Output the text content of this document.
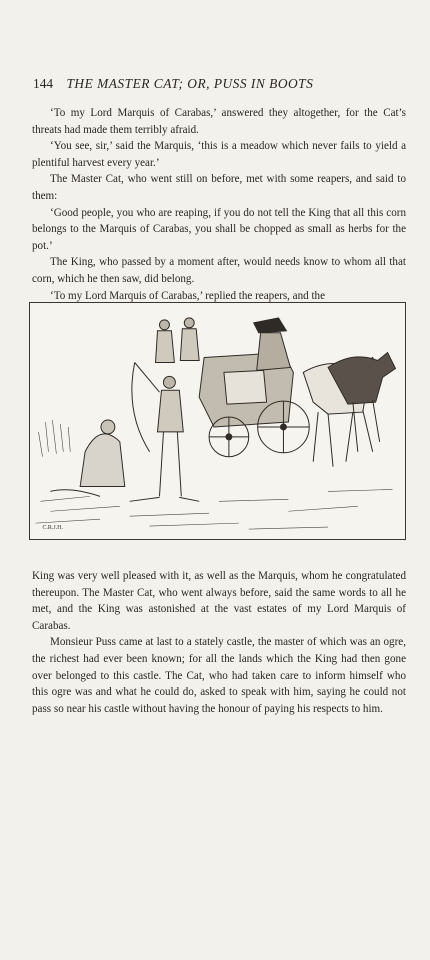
144 THE MASTER CAT; OR, PUSS IN BOOTS

‘To my Lord Marquis of Carabas,’ answered they altogether, for the Cat’s threats had made them terribly afraid.

‘You see, sir,’ said the Marquis, ‘this is a meadow which never fails to yield a plentiful harvest every year.’

The Master Cat, who went still on before, met with some reapers, and said to them:

‘Good people, you who are reaping, if you do not tell the King that all this corn belongs to the Marquis of Carabas, you shall be chopped as small as herbs for the pot.’

The King, who passed by a moment after, would needs know to whom all that corn, which he then saw, did belong.

‘To my Lord Marquis of Carabas,’ replied the reapers, and the

C.R.J.H.

King was very well pleased with it, as well as the Marquis, whom he congratulated thereupon. The Master Cat, who went always before, said the same words to all he met, and the King was astonished at the vast estates of my Lord Marquis of Carabas.

Monsieur Puss came at last to a stately castle, the master of which was an ogre, the richest had ever been known; for all the lands which the King had then gone over belonged to this castle. The Cat, who had taken care to inform himself who this ogre was and what he could do, asked to speak with him, saying he could not pass so near his castle without having the honour of paying his respects to him.
